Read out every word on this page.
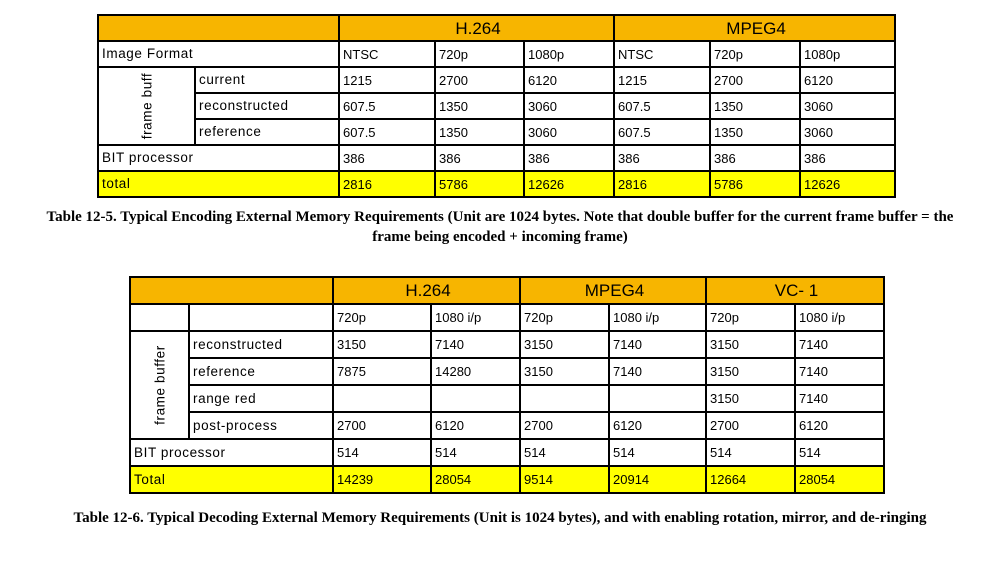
		H.264			MPEG4		
Image Format		NTSC	720p	1080p	NTSC	720p	1080p

frame buff	current	1215	2700	6120	1215	2700	6120
	reconstructed	607.5	1350	3060	607.5	1350	3060
	reference	607.5	1350	3060	607.5	1350	3060
BIT processor		386	386	386	386	386	386
total		2816	5786	12626	2816	5786	12626
Table 12-5. Typical Encoding External Memory Requirements (Unit are 1024 bytes. Note that double buffer for the current frame buffer = the frame being encoded + incoming frame)
		H.264		MPEG4		VC- 1	
		720p	1080 i/p	720p	1080 i/p	720p	1080 i/p

frame buffer	reconstructed	3150	7140	3150	7140	3150	7140
	reference	7875	14280	3150	7140	3150	7140
	range red					3150	7140
	post-process	2700	6120	2700	6120	2700	6120
BIT processor		514	514	514	514	514	514
Total		14239	28054	9514	20914	12664	28054
Table 12-6. Typical Decoding External Memory Requirements (Unit is 1024 bytes), and with enabling rotation, mirror, and de-ringing
